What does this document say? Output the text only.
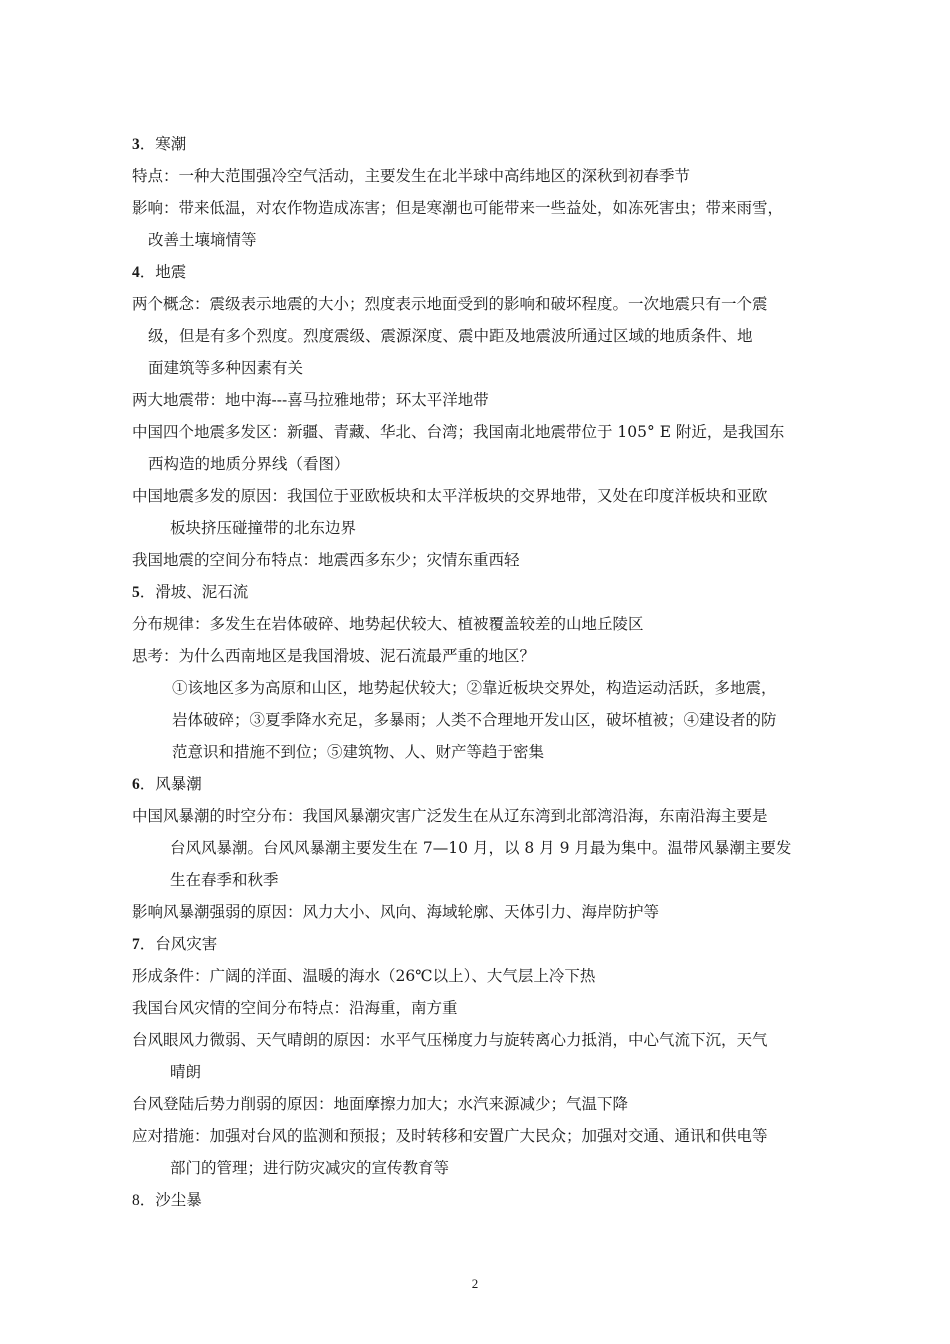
3．寒潮
特点：一种大范围强冷空气活动，主要发生在北半球中高纬地区的深秋到初春季节
影响：带来低温，对农作物造成冻害；但是寒潮也可能带来一些益处，如冻死害虫；带来雨雪，
改善土壤墒情等
4．地震
两个概念：震级表示地震的大小；烈度表示地面受到的影响和破坏程度。一次地震只有一个震
级，但是有多个烈度。烈度震级、震源深度、震中距及地震波所通过区域的地质条件、地
面建筑等多种因素有关
两大地震带：地中海---喜马拉雅地带；环太平洋地带
中国四个地震多发区：新疆、青藏、华北、台湾；我国南北地震带位于 105° E 附近，是我国东
西构造的地质分界线（看图）
中国地震多发的原因：我国位于亚欧板块和太平洋板块的交界地带，又处在印度洋板块和亚欧
板块挤压碰撞带的北东边界
我国地震的空间分布特点：地震西多东少；灾情东重西轻
5．滑坡、泥石流
分布规律：多发生在岩体破碎、地势起伏较大、植被覆盖较差的山地丘陵区
思考：为什么西南地区是我国滑坡、泥石流最严重的地区？
①该地区多为高原和山区，地势起伏较大；②靠近板块交界处，构造运动活跃，多地震，
岩体破碎；③夏季降水充足，多暴雨；人类不合理地开发山区，破坏植被；④建设者的防
范意识和措施不到位；⑤建筑物、人、财产等趋于密集
6．风暴潮
中国风暴潮的时空分布：我国风暴潮灾害广泛发生在从辽东湾到北部湾沿海，东南沿海主要是
台风风暴潮。台风风暴潮主要发生在 7—10 月，以 8 月 9 月最为集中。温带风暴潮主要发
生在春季和秋季
影响风暴潮强弱的原因：风力大小、风向、海域轮廓、天体引力、海岸防护等
7．台风灾害
形成条件：广阔的洋面、温暖的海水（26℃以上）、大气层上冷下热
我国台风灾情的空间分布特点：沿海重，南方重
台风眼风力微弱、天气晴朗的原因：水平气压梯度力与旋转离心力抵消，中心气流下沉，天气
晴朗
台风登陆后势力削弱的原因：地面摩擦力加大；水汽来源减少；气温下降
应对措施：加强对台风的监测和预报；及时转移和安置广大民众；加强对交通、通讯和供电等
部门的管理；进行防灾减灾的宣传教育等
8．沙尘暴
2
